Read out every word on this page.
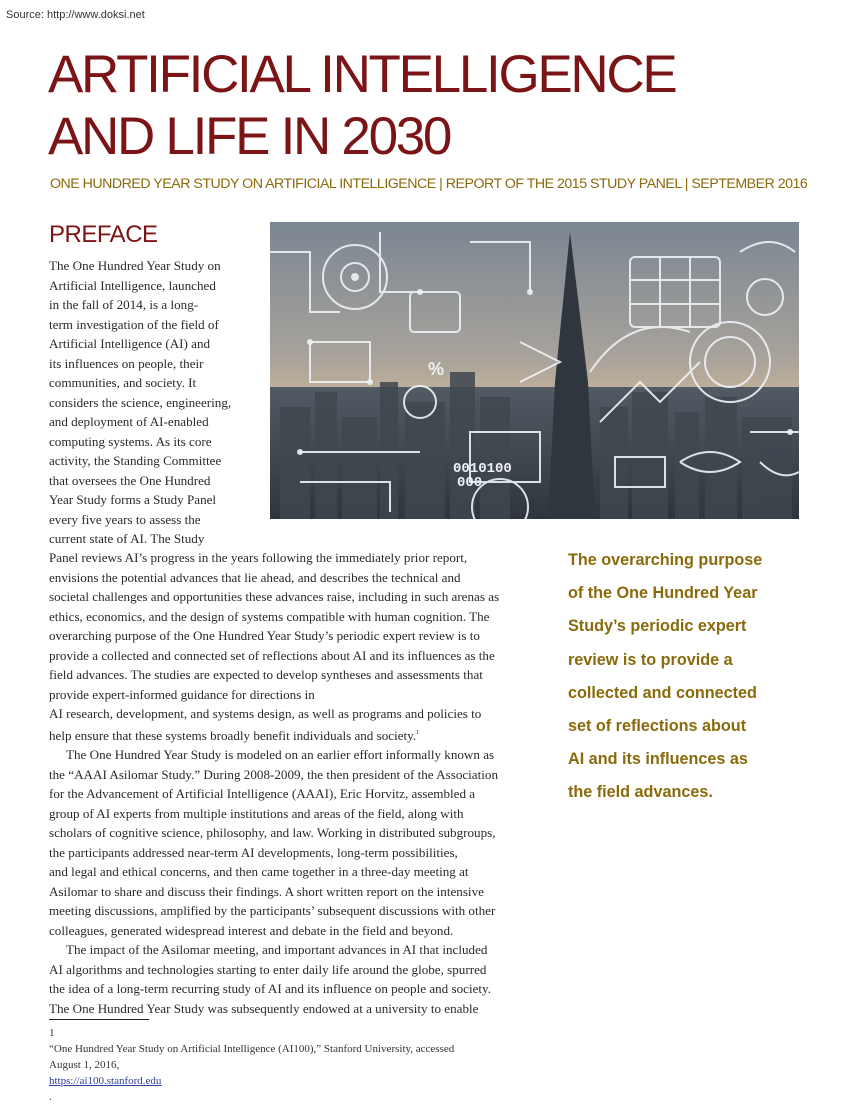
Source: http://www.doksi.net
ARTIFICIAL INTELLIGENCE
AND LIFE IN 2030
ONE HUNDRED YEAR STUDY ON ARTIFICIAL INTELLIGENCE | REPORT OF THE 2015 STUDY PANEL | SEPTEMBER 2016
PREFACE
%
0010100
000
The One Hundred Year Study on
Artificial Intelligence, launched
in the fall of 2014, is a long-
term investigation of the field of
Artificial Intelligence (AI) and
its influences on people, their
communities, and society. It
considers the science, engineering,
and deployment of AI-enabled
computing systems. As its core
activity, the Standing Committee
that oversees the One Hundred
Year Study forms a Study Panel
every five years to assess the
current state of AI. The Study
Panel reviews AI’s progress in the years following the immediately prior report,
envisions the potential advances that lie ahead, and describes the technical and
societal challenges and opportunities these advances raise, including in such arenas as
ethics, economics, and the design of systems compatible with human cognition. The
overarching purpose of the One Hundred Year Study’s periodic expert review is to
provide a collected and connected set of reflections about AI and its influences as the
field advances. The studies are expected to develop syntheses and assessments that
provide expert-informed guidance for directions in
AI research, development, and systems design, as well as programs and policies to
help ensure that these systems broadly benefit individuals and society.$^1$
The One Hundred Year Study is modeled on an earlier effort informally known as
the “AAAI Asilomar Study.” During 2008-2009, the then president of the Association
for the Advancement of Artificial Intelligence (AAAI), Eric Horvitz, assembled a
group of AI experts from multiple institutions and areas of the field, along with
scholars of cognitive science, philosophy, and law. Working in distributed subgroups,
the participants addressed near-term AI developments, long-term possibilities,
and legal and ethical concerns, and then came together in a three-day meeting at
Asilomar to share and discuss their findings. A short written report on the intensive
meeting discussions, amplified by the participants’ subsequent discussions with other
colleagues, generated widespread interest and debate in the field and beyond.
The impact of the Asilomar meeting, and important advances in AI that included
AI algorithms and technologies starting to enter daily life around the globe, spurred
the idea of a long-term recurring study of AI and its influence on people and society.
The One Hundred Year Study was subsequently endowed at a university to enable
The overarching purpose
of the One Hundred Year
Study’s periodic expert
review is to provide a
collected and connected
set of reflections about
AI and its influences as
the field advances.
1
“One Hundred Year Study on Artificial Intelligence (AI100),” Stanford University, accessed
August 1, 2016,
https://ai100.stanford.edu
.
